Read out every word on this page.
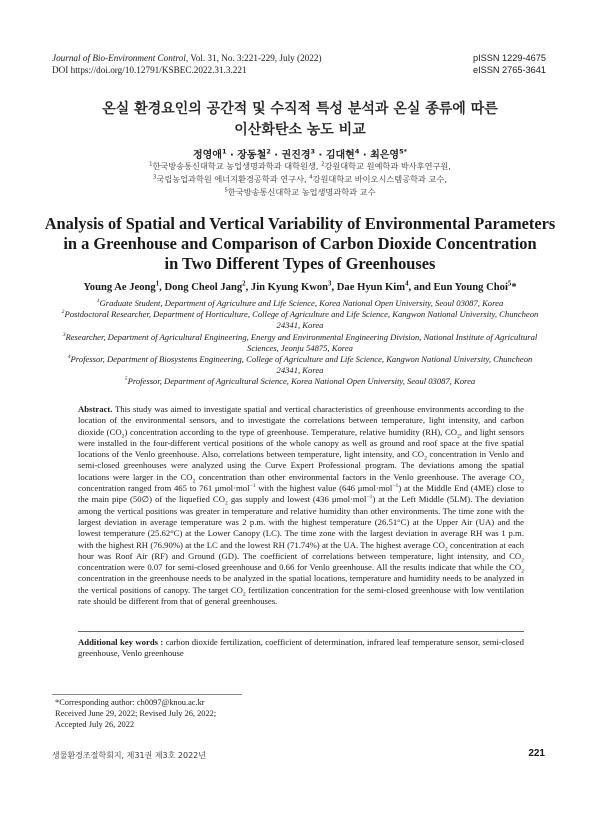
Journal of Bio-Environment Control, Vol. 31, No. 3:221-229, July (2022)
DOI https://doi.org/10.12791/KSBEC.2022.31.3.221
pISSN 1229-4675
eISSN 2765-3641
온실 환경요인의 공간적 및 수직적 특성 분석과 온실 종류에 따른
이산화탄소 농도 비교
정영애$^1$ · 장동철$^2$ · 권진경$^3$ · 김대현$^4$ · 최은영$^{5*}$
$^1$한국방송통신대학교 농업생명과학과 대학원생, $^2$강원대학교 원예학과 박사후연구원,
$^3$국립농업과학원 에너지환경공학과 연구사, $^4$강원대학교 바이오시스템공학과 교수,
$^5$한국방송통신대학교 농업생명과학과 교수
Analysis of Spatial and Vertical Variability of Environmental Parameters
in a Greenhouse and Comparison of Carbon Dioxide Concentration
in Two Different Types of Greenhouses
Young Ae Jeong$^1$, Dong Cheol Jang$^2$, Jin Kyung Kwon$^3$, Dae Hyun Kim$^4$, and Eun Young Choi$^5$*

$^1$Graduate Student, Department of Agriculture and Life Science, Korea National Open University, Seoul 03087, Korea

$^2$Postdoctoral Researcher, Department of Horticulture, College of Agriculture and Life Science, Kangwon National University, Chuncheon 24341, Korea

$^3$Researcher, Department of Agricultural Engineering, Energy and Environmental Engineering Division, National Institute of Agricultural Sciences, Jeonju 54875, Korea

$^4$Professor, Department of Biosystems Engineering, College of Agriculture and Life Science, Kangwon National University, Chuncheon 24341, Korea

$^5$Professor, Department of Agricultural Science, Korea National Open University, Seoul 03087, Korea

Abstract. This study was aimed to investigate spatial and vertical characteristics of greenhouse environments according to the location of the environmental sensors, and to investigate the correlations between temperature, light intensity, and carbon dioxide $(CO_2)$ concentration according to the type of greenhouse. Temperature, relative humidity (RH), $CO_2$, and light sensors were installed in the four-different vertical positions of the whole canopy as well as ground and roof space at the five spatial locations of the Venlo greenhouse. Also, correlations between temperature, light intensity, and $CO_2$ concentration in Venlo and semi-closed greenhouses were analyzed using the Curve Expert Professional program. The deviations among the spatial locations were larger in the $CO_2$ concentration than other environmental factors in the Venlo greenhouse. The average $CO_2$ concentration ranged from 465 to 761 μmol·mol$^{-1}$ with the highest value (646 μmol·mol$^{-1}$) at the Middle End (4ME) close to the main pipe (50∅) of the liquefied $CO_2$ gas supply and lowest (436 μmol·mol$^{-1}$) at the Left Middle (5LM). The deviation among the vertical positions was greater in temperature and relative humidity than other environments. The time zone with the largest deviation in average temperature was 2 p.m. with the highest temperature (26.51°C) at the Upper Air (UA) and the lowest temperature (25.62°C) at the Lower Canopy (LC). The time zone with the largest deviation in average RH was 1 p.m. with the highest RH (76.90%) at the LC and the lowest RH (71.74%) at the UA. The highest average $CO_2$ concentration at each hour was Roof Air (RF) and Ground (GD). The coefficient of correlations between temperature, light intensity, and $CO_2$ concentration were 0.07 for semi-closed greenhouse and 0.66 for Venlo greenhouse. All the results indicate that while the $CO_2$ concentration in the greenhouse needs to be analyzed in the spatial locations, temperature and humidity needs to be analyzed in the vertical positions of canopy. The target $CO_2$ fertilization concentration for the semi-closed greenhouse with low ventilation rate should be different from that of general greenhouses.
Additional key words : carbon dioxide fertilization, coefficient of determination, infrared leaf temperature sensor, semi-closed greenhouse, Venlo greenhouse

*Corresponding author: ch0097@knou.ac.kr

Received June 29, 2022; Revised July 26, 2022;

Accepted July 26, 2022

생물환경조절학회지, 제31권 제3호 2022년	221
